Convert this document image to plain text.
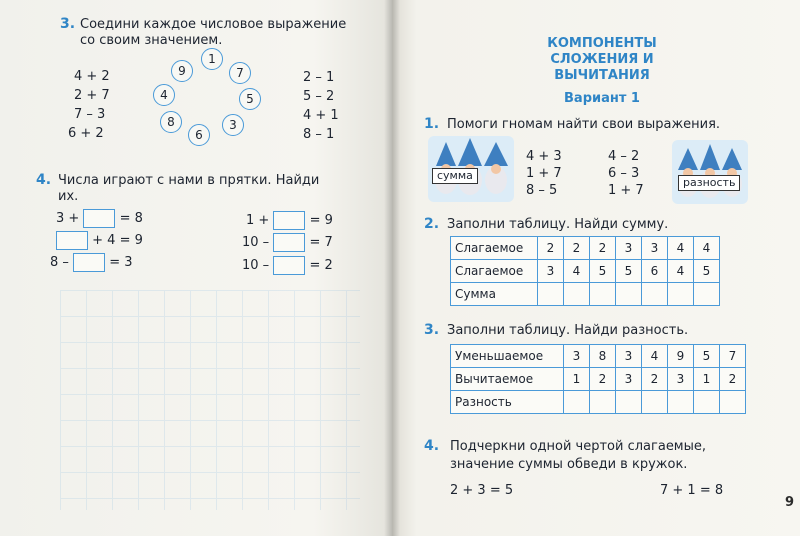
3. Соедини каждое числовое выражение
со своим значением.
4 + 2
2 + 7
7 – 3
6 + 2
1
9	7
4	5
8	3
6
2 – 1
5 – 2
4 + 1
8 – 1
4. Числа играют с нами в прятки. Найди
их.
3 +	= 8
+ 4 = 9
8 –	= 3
1 +	= 9
10 –	= 7
10 –	= 2
КОМПОНЕНТЫ
СЛОЖЕНИЯ И ВЫЧИТАНИЯ
Вариант 1
1. Помоги гномам найти свои выражения.
сумма
4 + 3
1 + 7
8 – 5
4 – 2
6 – 3
1 + 7
разность
2. Заполни таблицу. Найди сумму.
Слагаемое	2	2	2	3	3	4	4
Слагаемое	3	4	5	5	6	4	5
Сумма							
3. Заполни таблицу. Найди разность.
Уменьшаемое	3	8	3	4	9	5	7
Вычитаемое	1	2	3	2	3	1	2
Разность							
4. Подчеркни одной чертой слагаемые,
значение суммы обведи в кружок.
2 + 3 = 5	7 + 1 = 8
9
